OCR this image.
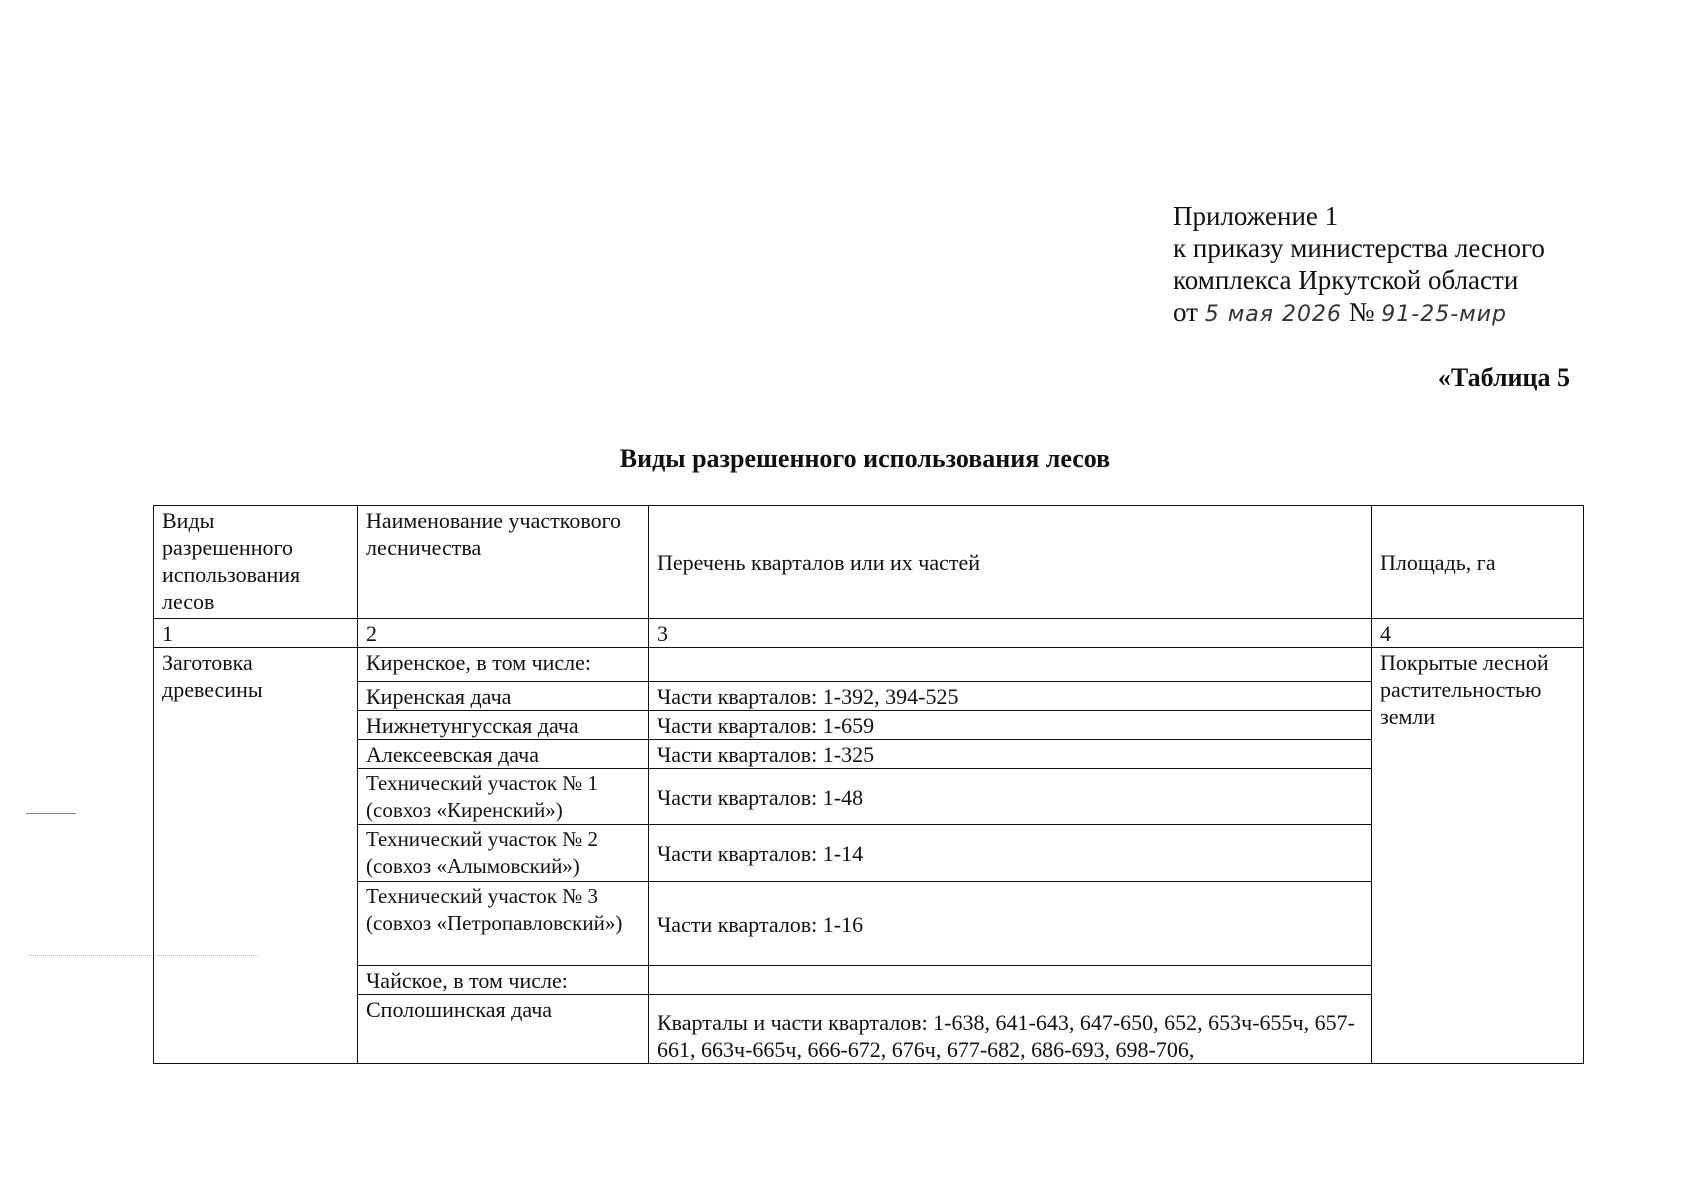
Приложение 1
к приказу министерства лесного
комплекса Иркутской области
от 5 мая 2026 № 91-25-мир
«Таблица 5
Виды разрешенного использования лесов
Виды разрешенного использования лесов	Наименование участкового лесничества	Перечень кварталов или их частей	Площадь, га
1	2	3	4
Заготовка древесины	Киренское, в том числе:		Покрытые лесной растительностью земли
	Киренская дача	Части кварталов: 1-392, 394-525	
	Нижнетунгусская дача	Части кварталов: 1-659	
	Алексеевская дача	Части кварталов: 1-325	
	Технический участок № 1 (совхоз «Киренский»)	Части кварталов: 1-48	
	Технический участок № 2 (совхоз «Алымовский»)	Части кварталов: 1-14	
	Технический участок № 3 (совхоз «Петропавловский»)	Части кварталов: 1-16	
	Чайское, в том числе:		
	Сполошинская дача	Кварталы и части кварталов: 1-638, 641-643, 647-650, 652, 653ч-655ч, 657-661, 663ч-665ч, 666-672, 676ч, 677-682, 686-693, 698-706,	
